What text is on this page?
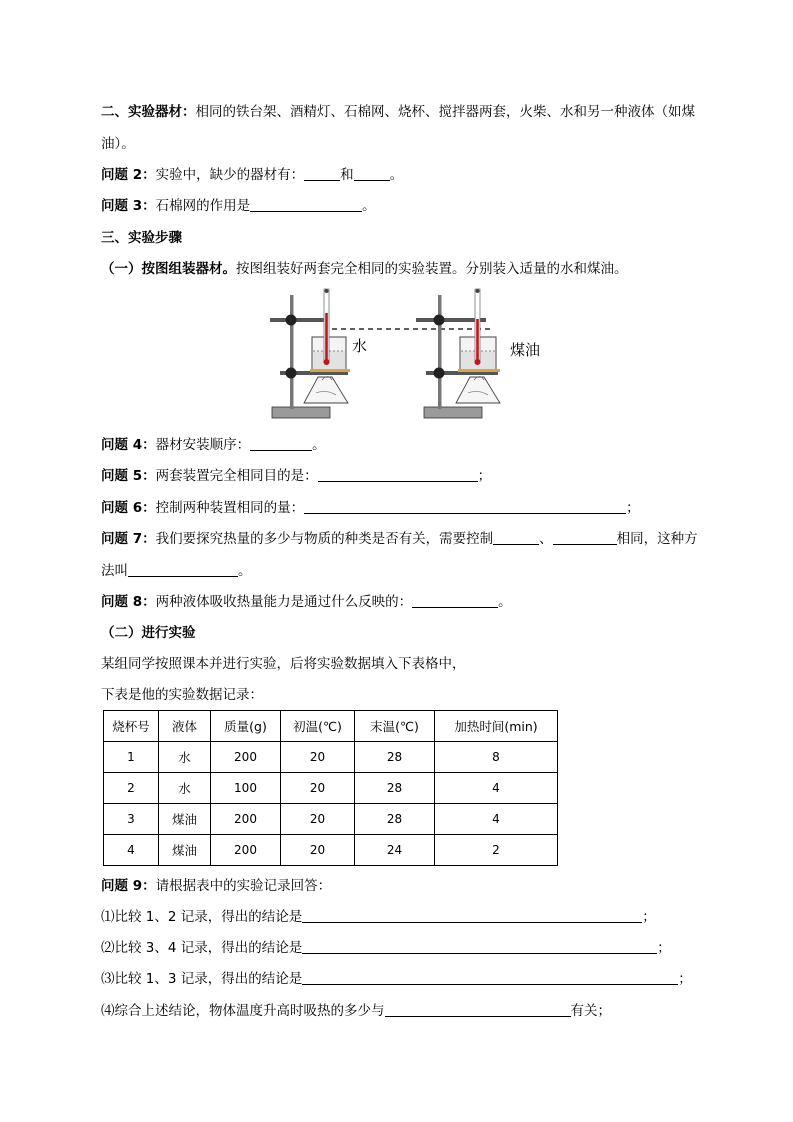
二、实验器材：相同的铁台架、酒精灯、石棉网、烧杯、搅拌器两套，火柴、水和另一种液体（如煤
油）。
问题 2：实验中，缺少的器材有：	和	。
问题 3：石棉网的作用是	。
三、实验步骤
（一）按图组装器材。按图组装好两套完全相同的实验装置。分别装入适量的水和煤油。
水	煤油
问题 4：器材安装顺序：	。
问题 5：两套装置完全相同目的是：	；
问题 6：控制两种装置相同的量：	；
问题 7：我们要探究热量的多少与物质的种类是否有关，需要控制	、	相同，这种方
法叫	。
问题 8：两种液体吸收热量能力是通过什么反映的：	。
（二）进行实验
某组同学按照课本并进行实验，后将实验数据填入下表格中，
下表是他的实验数据记录：
烧杯号	液体	质量(g)	初温(℃)	末温(℃)	加热时间(min)
1	水	200	20	28	8
2	水	100	20	28	4
3	煤油	200	20	28	4
4	煤油	200	20	24	2
问题 9：请根据表中的实验记录回答：
⑴比较 1、2 记录，得出的结论是	；
⑵比较 3、4 记录，得出的结论是	；
⑶比较 1、3 记录，得出的结论是	；
⑷综合上述结论，物体温度升高时吸热的多少与	有关；
